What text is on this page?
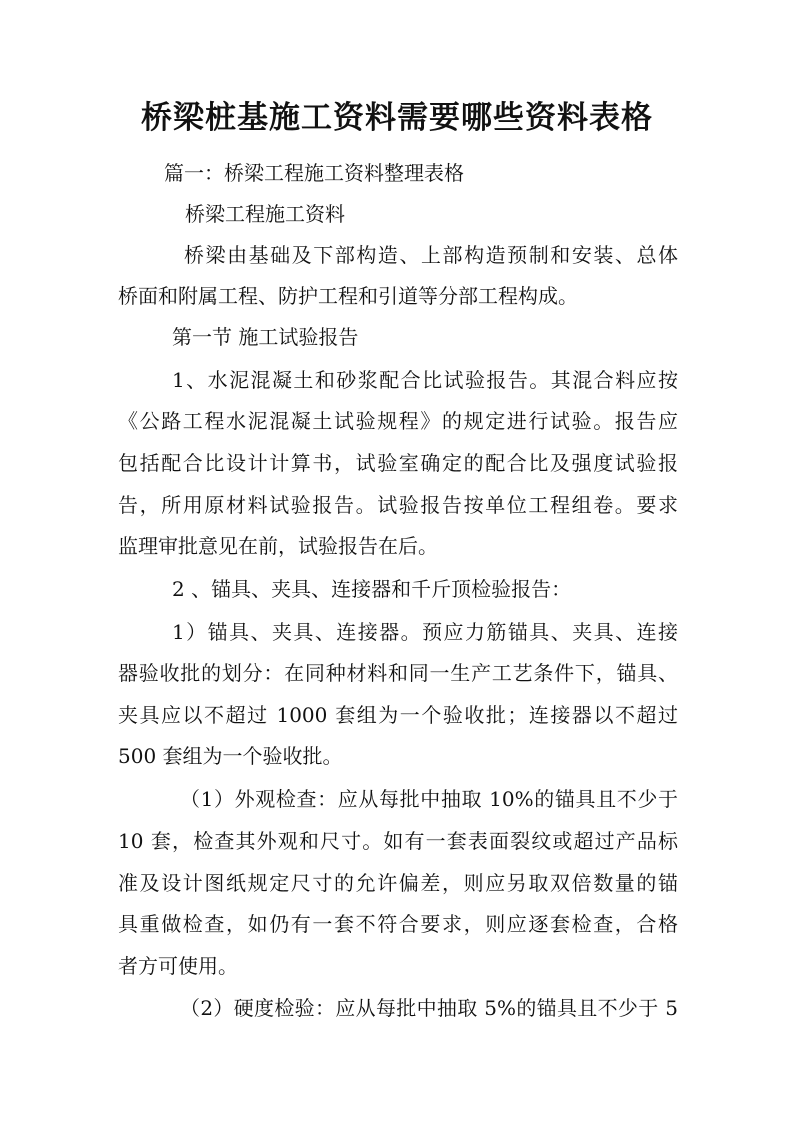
桥梁桩基施工资料需要哪些资料表格
篇一：桥梁工程施工资料整理表格
桥梁工程施工资料
桥梁由基础及下部构造、上部构造预制和安装、总体
桥面和附属工程、防护工程和引道等分部工程构成。
第一节 施工试验报告
1、水泥混凝土和砂浆配合比试验报告。其混合料应按
《公路工程水泥混凝土试验规程》的规定进行试验。报告应
包括配合比设计计算书，试验室确定的配合比及强度试验报
告，所用原材料试验报告。试验报告按单位工程组卷。要求
监理审批意见在前，试验报告在后。
2 、锚具、夹具、连接器和千斤顶检验报告：
1）锚具、夹具、连接器。预应力筋锚具、夹具、连接
器验收批的划分：在同种材料和同一生产工艺条件下，锚具、
夹具应以不超过 1000 套组为一个验收批；连接器以不超过
500 套组为一个验收批。
（1）外观检查：应从每批中抽取 10%的锚具且不少于
10 套，检查其外观和尺寸。如有一套表面裂纹或超过产品标
准及设计图纸规定尺寸的允许偏差，则应另取双倍数量的锚
具重做检查，如仍有一套不符合要求，则应逐套检查，合格
者方可使用。
（2）硬度检验：应从每批中抽取 5%的锚具且不少于 5
